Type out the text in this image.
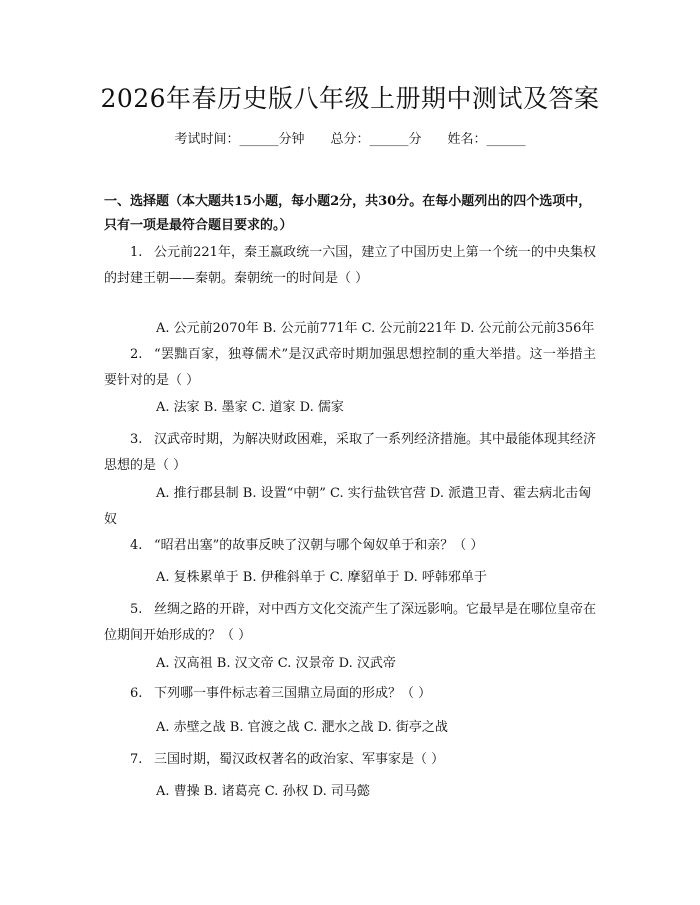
2026年春历史版八年级上册期中测试及答案
考试时间：______分钟 总分：______分 姓名：______
一、选择题（本大题共15小题，每小题2分，共30分。在每小题列出的四个选项中，只有一项是最符合题目要求的。）
1. 公元前221年，秦王嬴政统一六国，建立了中国历史上第一个统一的中央集权的封建王朝——秦朝。秦朝统一的时间是（ ）
A. 公元前2070年 B. 公元前771年 C. 公元前221年 D. 公元前公元前356年
2. “罢黜百家，独尊儒术”是汉武帝时期加强思想控制的重大举措。这一举措主要针对的是（ ）
A. 法家 B. 墨家 C. 道家 D. 儒家
3. 汉武帝时期，为解决财政困难，采取了一系列经济措施。其中最能体现其经济思想的是（ ）
A. 推行郡县制 B. 设置“中朝” C. 实行盐铁官营 D. 派遣卫青、霍去病北击匈奴
4. “昭君出塞”的故事反映了汉朝与哪个匈奴单于和亲？（ ）
A. 复株累单于 B. 伊稚斜单于 C. 摩貂单于 D. 呼韩邪单于
5. 丝绸之路的开辟，对中西方文化交流产生了深远影响。它最早是在哪位皇帝在位期间开始形成的？（ ）
A. 汉高祖 B. 汉文帝 C. 汉景帝 D. 汉武帝
6. 下列哪一事件标志着三国鼎立局面的形成？（ ）
A. 赤壁之战 B. 官渡之战 C. 淝水之战 D. 街亭之战
7. 三国时期，蜀汉政权著名的政治家、军事家是（ ）
A. 曹操 B. 诸葛亮 C. 孙权 D. 司马懿
